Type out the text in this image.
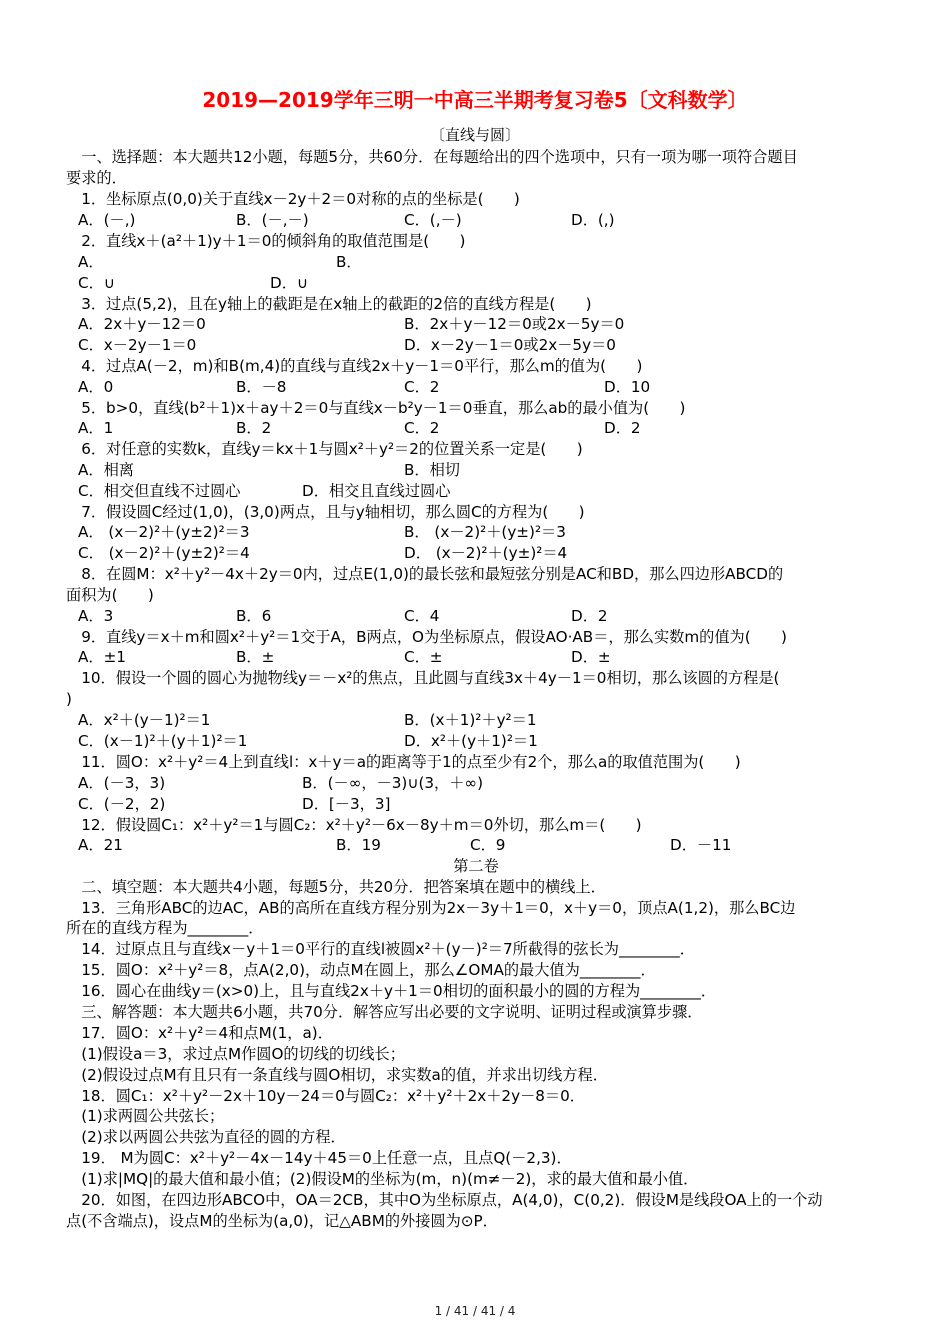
2019—2019学年三明一中高三半期考复习卷5〔文科数学〕
〔直线与圆〕
　一、选择题：本大题共12小题，每题5分，共60分．在每题给出的四个选项中，只有一项为哪一项符合题目
要求的．
　1．坐标原点(0,0)关于直线x－2y＋2＝0对称的点的坐标是(　　)
A．(－,)	B．(－,－)	C．(,－)	D．(,)
　2．直线x＋(a²＋1)y＋1＝0的倾斜角的取值范围是(　　)
A．	B．
C．∪	D．∪
　3．过点(5,2)，且在y轴上的截距是在x轴上的截距的2倍的直线方程是(　　)
A．2x＋y－12＝0	B．2x＋y－12＝0或2x－5y＝0
C．x－2y－1＝0	D．x－2y－1＝0或2x－5y＝0
　4．过点A(－2，m)和B(m,4)的直线与直线2x＋y－1＝0平行，那么m的值为(　　)
A．0	B．－8	C．2	D．10
　5．b>0，直线(b²＋1)x＋ay＋2＝0与直线x－b²y－1＝0垂直，那么ab的最小值为(　　)
A．1	B．2	C．2	D．2
　6．对任意的实数k，直线y＝kx＋1与圆x²＋y²＝2的位置关系一定是(　　)
A．相离	B．相切
C．相交但直线不过圆心	D．相交且直线过圆心
　7．假设圆C经过(1,0)，(3,0)两点，且与y轴相切，那么圆C的方程为(　　)
A． (x－2)²＋(y±2)²＝3	B． (x－2)²＋(y±)²＝3
C． (x－2)²＋(y±2)²＝4	D． (x－2)²＋(y±)²＝4
　8．在圆M：x²＋y²－4x＋2y＝0内，过点E(1,0)的最长弦和最短弦分别是AC和BD，那么四边形ABCD的
面积为(　　)
A．3	B．6	C．4	D．2
　9．直线y＝x＋m和圆x²＋y²＝1交于A，B两点，O为坐标原点，假设AO·AB＝，那么实数m的值为(　　)
A．±1	B．±	C．±	D．±
　10．假设一个圆的圆心为抛物线y＝－x²的焦点，且此圆与直线3x＋4y－1＝0相切，那么该圆的方程是(
)
A．x²＋(y－1)²＝1	B．(x＋1)²＋y²＝1
C．(x－1)²＋(y＋1)²＝1	D．x²＋(y＋1)²＝1
　11．圆O：x²＋y²＝4上到直线l：x＋y＝a的距离等于1的点至少有2个，那么a的取值范围为(　　)
A．(－3，3)	B．(－∞，－3)∪(3，＋∞)
C．(－2，2)	D．[－3，3]
　12．假设圆C₁：x²＋y²＝1与圆C₂：x²＋y²－6x－8y＋m＝0外切，那么m＝(　　)
A．21	B．19	C．9	D．－11
第二卷
　二、填空题：本大题共4小题，每题5分，共20分．把答案填在题中的横线上．
　13．三角形ABC的边AC，AB的高所在直线方程分别为2x－3y＋1＝0，x＋y＝0，顶点A(1,2)，那么BC边
所在的直线方程为________．
　14．过原点且与直线x－y＋1＝0平行的直线l被圆x²＋(y－)²＝7所截得的弦长为________．
　15．圆O：x²＋y²＝8，点A(2,0)，动点M在圆上，那么∠OMA的最大值为________．
　16．圆心在曲线y＝(x>0)上，且与直线2x＋y＋1＝0相切的面积最小的圆的方程为________．
　三、解答题：本大题共6小题，共70分．解答应写出必要的文字说明、证明过程或演算步骤．
　17．圆O：x²＋y²＝4和点M(1，a)．
　(1)假设a＝3，求过点M作圆O的切线的切线长；
　(2)假设过点M有且只有一条直线与圆O相切，求实数a的值，并求出切线方程．
　18．圆C₁：x²＋y²－2x＋10y－24＝0与圆C₂：x²＋y²＋2x＋2y－8＝0．
　(1)求两圆公共弦长；
　(2)求以两圆公共弦为直径的圆的方程．
　19． M为圆C：x²＋y²－4x－14y＋45＝0上任意一点，且点Q(－2,3)．
　(1)求|MQ|的最大值和最小值；(2)假设M的坐标为(m，n)(m≠－2)，求的最大值和最小值．
　20．如图，在四边形ABCO中，OA＝2CB，其中O为坐标原点，A(4,0)，C(0,2)．假设M是线段OA上的一个动
点(不含端点)，设点M的坐标为(a,0)，记△ABM的外接圆为⊙P．
1 / 41 / 41 / 4
